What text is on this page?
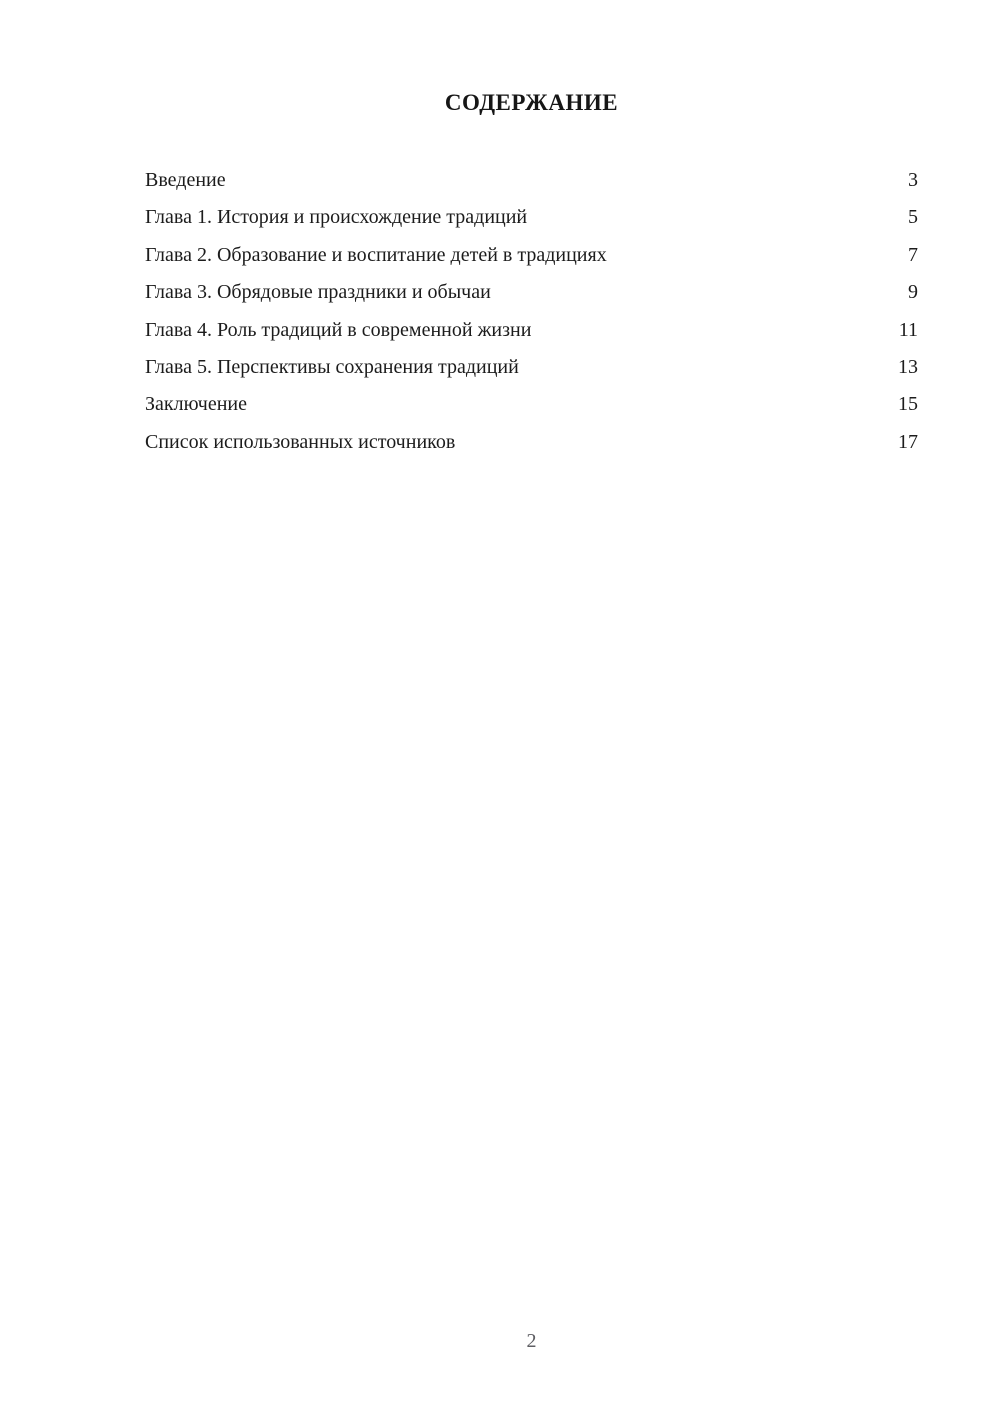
СОДЕРЖАНИЕ
Введение	3
Глава 1. История и происхождение традиций	5
Глава 2. Образование и воспитание детей в традициях	7
Глава 3. Обрядовые праздники и обычаи	9
Глава 4. Роль традиций в современной жизни	11
Глава 5. Перспективы сохранения традиций	13
Заключение	15
Список использованных источников	17
2
